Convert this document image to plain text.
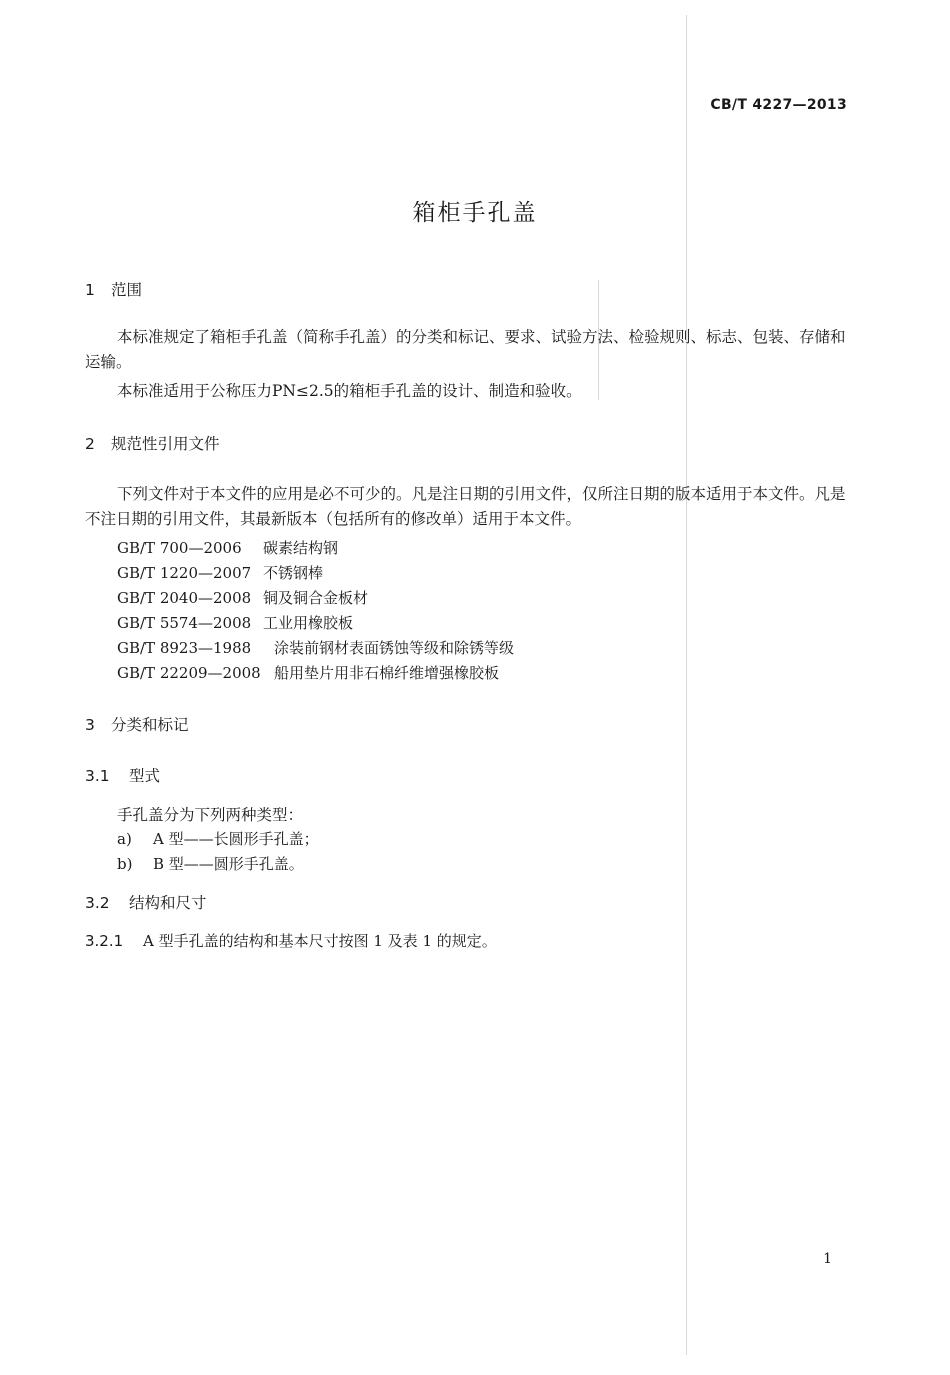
CB/T 4227—2013
箱柜手孔盖
1 范围
本标准规定了箱柜手孔盖（简称手孔盖）的分类和标记、要求、试验方法、检验规则、标志、包装、存储和运输。
本标准适用于公称压力PN≤2.5的箱柜手孔盖的设计、制造和验收。
2 规范性引用文件
下列文件对于本文件的应用是必不可少的。凡是注日期的引用文件，仅所注日期的版本适用于本文件。凡是不注日期的引用文件，其最新版本（包括所有的修改单）适用于本文件。
GB/T 700—2006 碳素结构钢
GB/T 1220—2007 不锈钢棒
GB/T 2040—2008 铜及铜合金板材
GB/T 5574—2008 工业用橡胶板
GB/T 8923—1988 涂装前钢材表面锈蚀等级和除锈等级
GB/T 22209—2008 船用垫片用非石棉纤维增强橡胶板
3 分类和标记
3.1 型式
手孔盖分为下列两种类型：
a) A 型——长圆形手孔盖；
b) B 型——圆形手孔盖。
3.2 结构和尺寸
3.2.1 A 型手孔盖的结构和基本尺寸按图 1 及表 1 的规定。
1
